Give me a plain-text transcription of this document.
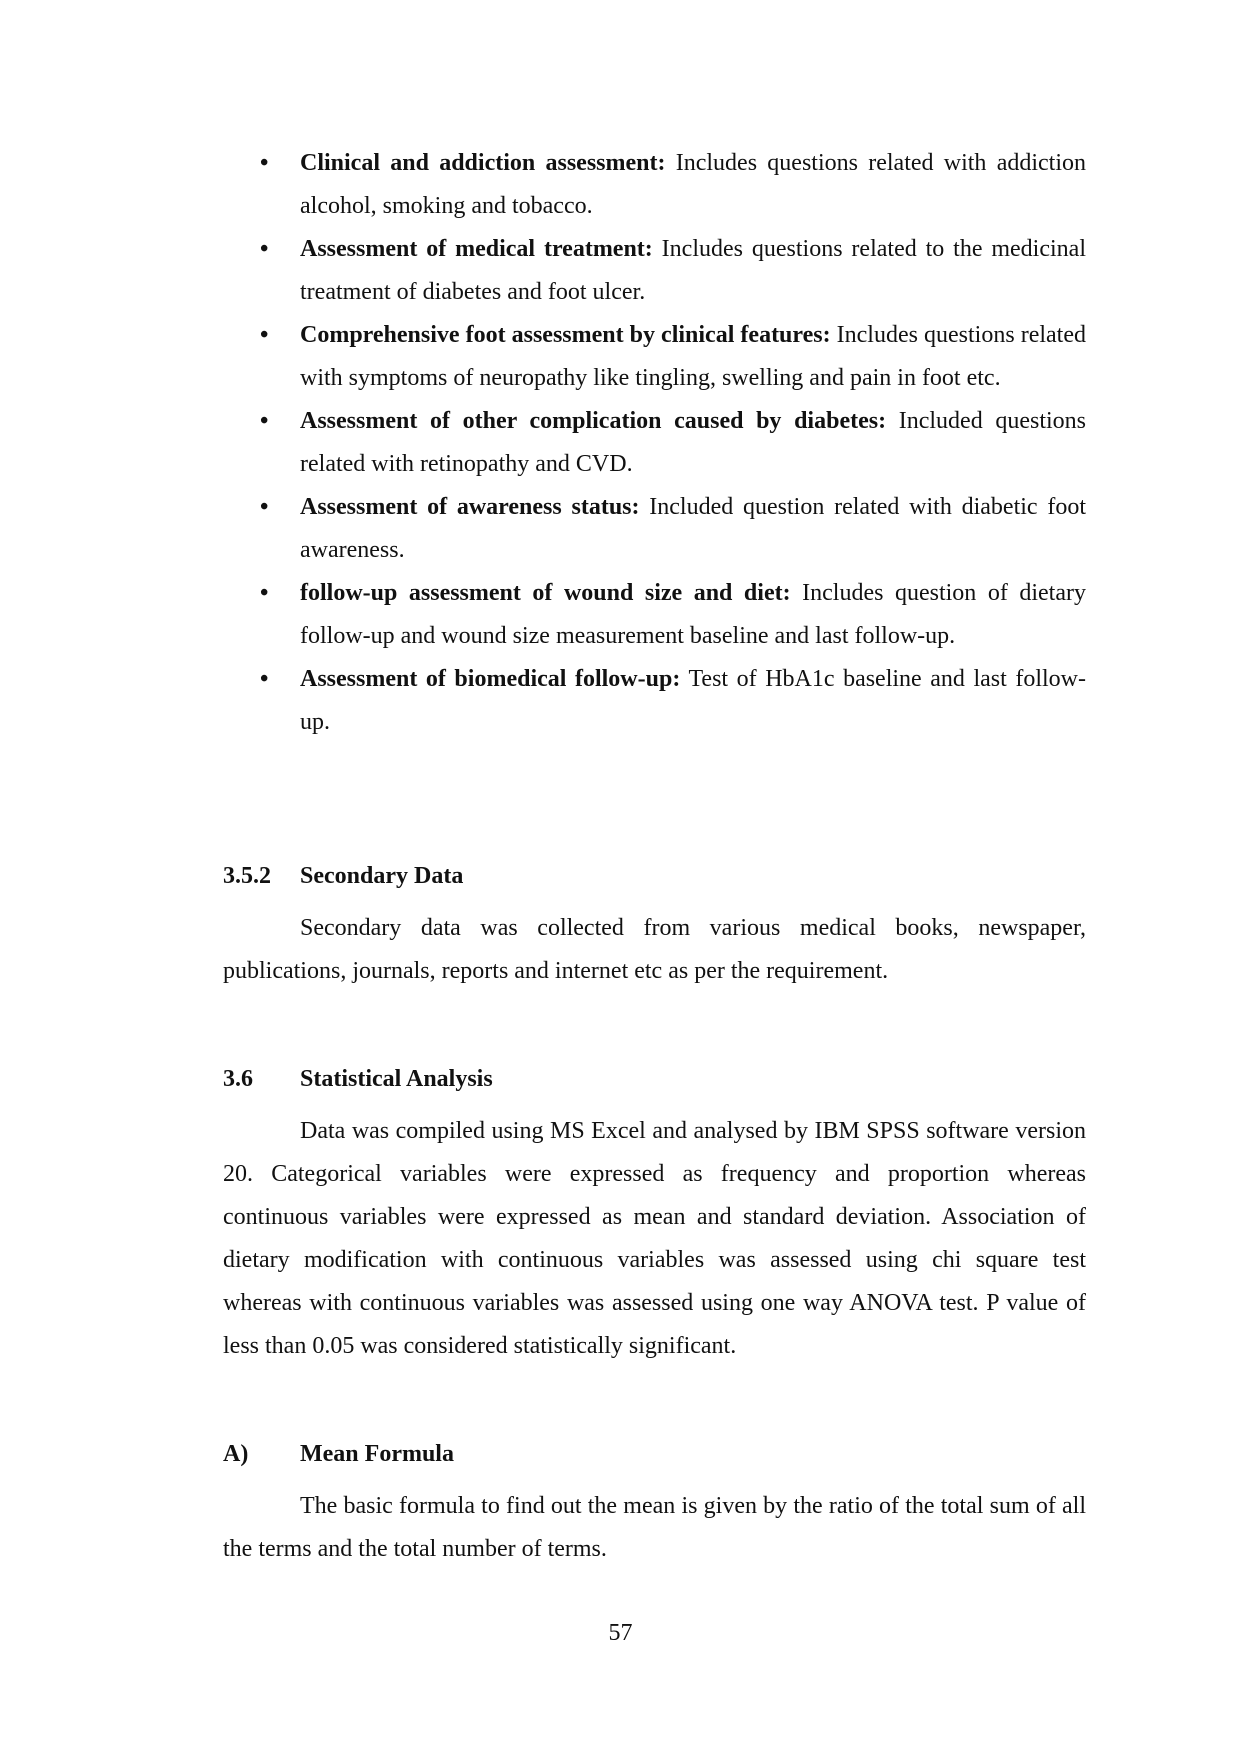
• Clinical and addiction assessment: Includes questions related with addiction alcohol, smoking and tobacco.
• Assessment of medical treatment: Includes questions related to the medicinal treatment of diabetes and foot ulcer.
• Comprehensive foot assessment by clinical features: Includes questions related with symptoms of neuropathy like tingling, swelling and pain in foot etc.
• Assessment of other complication caused by diabetes: Included questions related with retinopathy and CVD.
• Assessment of awareness status: Included question related with diabetic foot awareness.
• follow-up assessment of wound size and diet: Includes question of dietary follow-up and wound size measurement baseline and last follow-up.
• Assessment of biomedical follow-up: Test of HbA1c baseline and last follow-up.
3.5.2 Secondary Data

Secondary data was collected from various medical books, newspaper, publications, journals, reports and internet etc as per the requirement.

3.6 Statistical Analysis

Data was compiled using MS Excel and analysed by IBM SPSS software version 20. Categorical variables were expressed as frequency and proportion whereas continuous variables were expressed as mean and standard deviation. Association of dietary modification with continuous variables was assessed using chi square test whereas with continuous variables was assessed using one way ANOVA test. P value of less than 0.05 was considered statistically significant.

A) Mean Formula

The basic formula to find out the mean is given by the ratio of the total sum of all the terms and the total number of terms.

57
